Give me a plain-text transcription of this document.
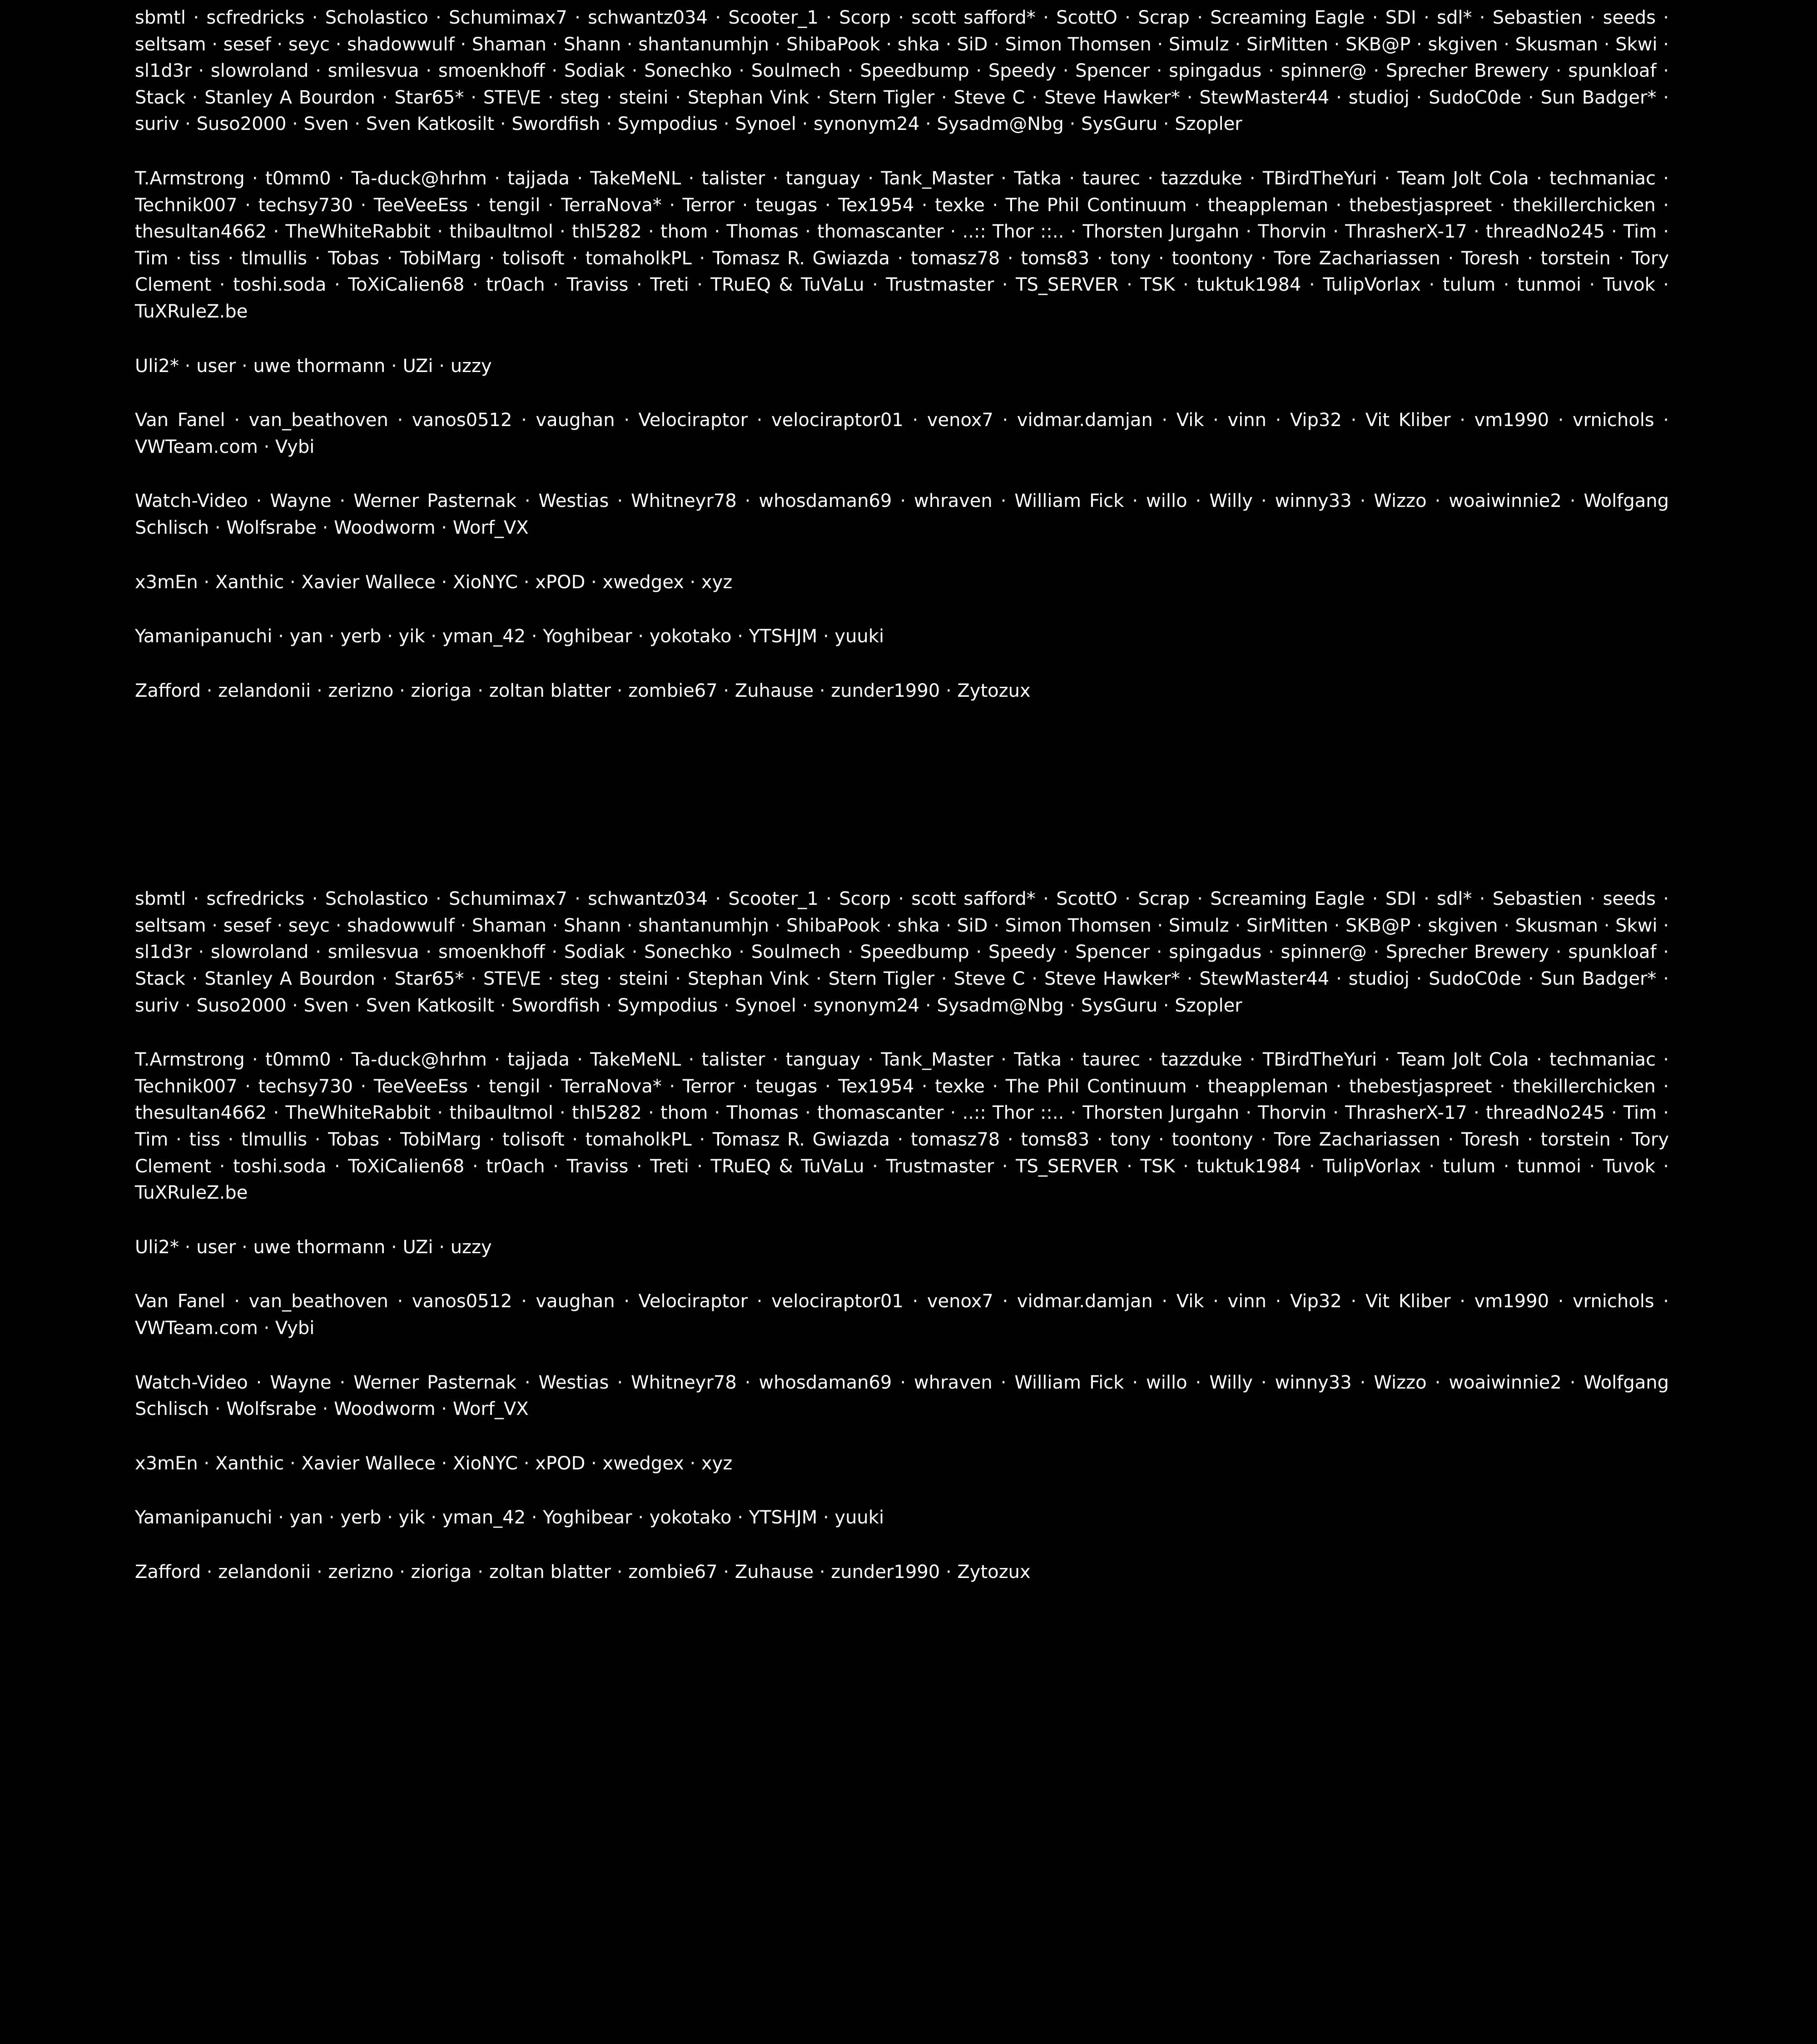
sbmtl · scfredricks · Scholastico · Schumimax7 · schwantz034 · Scooter_1 · Scorp · scott safford* · ScottO · Scrap · Screaming Eagle · SDI · sdl* · Sebastien · seeds · seltsam · sesef · seyc · shadowwulf · Shaman · Shann · shantanumhjn · ShibaPook · shka · SiD · Simon Thomsen · Simulz · SirMitten · SKB@P · skgiven · Skusman · Skwi · sl1d3r · slowroland · smilesvua · smoenkhoff · Sodiak · Sonechko · Soulmech · Speedbump · Speedy · Spencer · spingadus · spinner@ · Sprecher Brewery · spunkloaf · Stack · Stanley A Bourdon · Star65* · STE\/E · steg · steini · Stephan Vink · Stern Tigler · Steve C · Steve Hawker* · StewMaster44 · studioj · SudoC0de · Sun Badger* · suriv · Suso2000 · Sven · Sven Katkosilt · Swordfish · Sympodius · Synoel · synonym24 · Sysadm@Nbg · SysGuru · Szopler

T.Armstrong · t0mm0 · Ta-duck@hrhm · tajjada · TakeMeNL · talister · tanguay · Tank_Master · Tatka · taurec · tazzduke · TBirdTheYuri · Team Jolt Cola · techmaniac · Technik007 · techsy730 · TeeVeeEss · tengil · TerraNova* · Terror · teugas · Tex1954 · texke · The Phil Continuum · theappleman · thebestjaspreet · thekillerchicken · thesultan4662 · TheWhiteRabbit · thibaultmol · thl5282 · thom · Thomas · thomascanter · ..:: Thor ::.. · Thorsten Jurgahn · Thorvin · ThrasherX-17 · threadNo245 · Tim · Tim · tiss · tlmullis · Tobas · TobiMarg · tolisoft · tomaholkPL · Tomasz R. Gwiazda · tomasz78 · toms83 · tony · toontony · Tore Zachariassen · Toresh · torstein · Tory Clement · toshi.soda · ToXiCalien68 · tr0ach · Traviss · Treti · TRuEQ & TuVaLu · Trustmaster · TS_SERVER · TSK · tuktuk1984 · TulipVorlax · tulum · tunmoi · Tuvok · TuXRuleZ.be

Uli2* · user · uwe thormann · UZi · uzzy

Van Fanel · van_beathoven · vanos0512 · vaughan · Velociraptor · velociraptor01 · venox7 · vidmar.damjan · Vik · vinn · Vip32 · Vit Kliber · vm1990 · vrnichols · VWTeam.com · Vybi

Watch-Video · Wayne · Werner Pasternak · Westias · Whitneyr78 · whosdaman69 · whraven · William Fick · willo · Willy · winny33 · Wizzo · woaiwinnie2 · Wolfgang Schlisch · Wolfsrabe · Woodworm · Worf_VX

x3mEn · Xanthic · Xavier Wallece · XioNYC · xPOD · xwedgex · xyz

Yamanipanuchi · yan · yerb · yik · yman_42 · Yoghibear · yokotako · YTSHJM · yuuki

Zafford · zelandonii · zerizno · zioriga · zoltan blatter · zombie67 · Zuhause · zunder1990 · Zytozux

sbmtl · scfredricks · Scholastico · Schumimax7 · schwantz034 · Scooter_1 · Scorp · scott safford* · ScottO · Scrap · Screaming Eagle · SDI · sdl* · Sebastien · seeds · seltsam · sesef · seyc · shadowwulf · Shaman · Shann · shantanumhjn · ShibaPook · shka · SiD · Simon Thomsen · Simulz · SirMitten · SKB@P · skgiven · Skusman · Skwi · sl1d3r · slowroland · smilesvua · smoenkhoff · Sodiak · Sonechko · Soulmech · Speedbump · Speedy · Spencer · spingadus · spinner@ · Sprecher Brewery · spunkloaf · Stack · Stanley A Bourdon · Star65* · STE\/E · steg · steini · Stephan Vink · Stern Tigler · Steve C · Steve Hawker* · StewMaster44 · studioj · SudoC0de · Sun Badger* · suriv · Suso2000 · Sven · Sven Katkosilt · Swordfish · Sympodius · Synoel · synonym24 · Sysadm@Nbg · SysGuru · Szopler

T.Armstrong · t0mm0 · Ta-duck@hrhm · tajjada · TakeMeNL · talister · tanguay · Tank_Master · Tatka · taurec · tazzduke · TBirdTheYuri · Team Jolt Cola · techmaniac · Technik007 · techsy730 · TeeVeeEss · tengil · TerraNova* · Terror · teugas · Tex1954 · texke · The Phil Continuum · theappleman · thebestjaspreet · thekillerchicken · thesultan4662 · TheWhiteRabbit · thibaultmol · thl5282 · thom · Thomas · thomascanter · ..:: Thor ::.. · Thorsten Jurgahn · Thorvin · ThrasherX-17 · threadNo245 · Tim · Tim · tiss · tlmullis · Tobas · TobiMarg · tolisoft · tomaholkPL · Tomasz R. Gwiazda · tomasz78 · toms83 · tony · toontony · Tore Zachariassen · Toresh · torstein · Tory Clement · toshi.soda · ToXiCalien68 · tr0ach · Traviss · Treti · TRuEQ & TuVaLu · Trustmaster · TS_SERVER · TSK · tuktuk1984 · TulipVorlax · tulum · tunmoi · Tuvok · TuXRuleZ.be

Uli2* · user · uwe thormann · UZi · uzzy

Van Fanel · van_beathoven · vanos0512 · vaughan · Velociraptor · velociraptor01 · venox7 · vidmar.damjan · Vik · vinn · Vip32 · Vit Kliber · vm1990 · vrnichols · VWTeam.com · Vybi

Watch-Video · Wayne · Werner Pasternak · Westias · Whitneyr78 · whosdaman69 · whraven · William Fick · willo · Willy · winny33 · Wizzo · woaiwinnie2 · Wolfgang Schlisch · Wolfsrabe · Woodworm · Worf_VX

x3mEn · Xanthic · Xavier Wallece · XioNYC · xPOD · xwedgex · xyz

Yamanipanuchi · yan · yerb · yik · yman_42 · Yoghibear · yokotako · YTSHJM · yuuki

Zafford · zelandonii · zerizno · zioriga · zoltan blatter · zombie67 · Zuhause · zunder1990 · Zytozux
